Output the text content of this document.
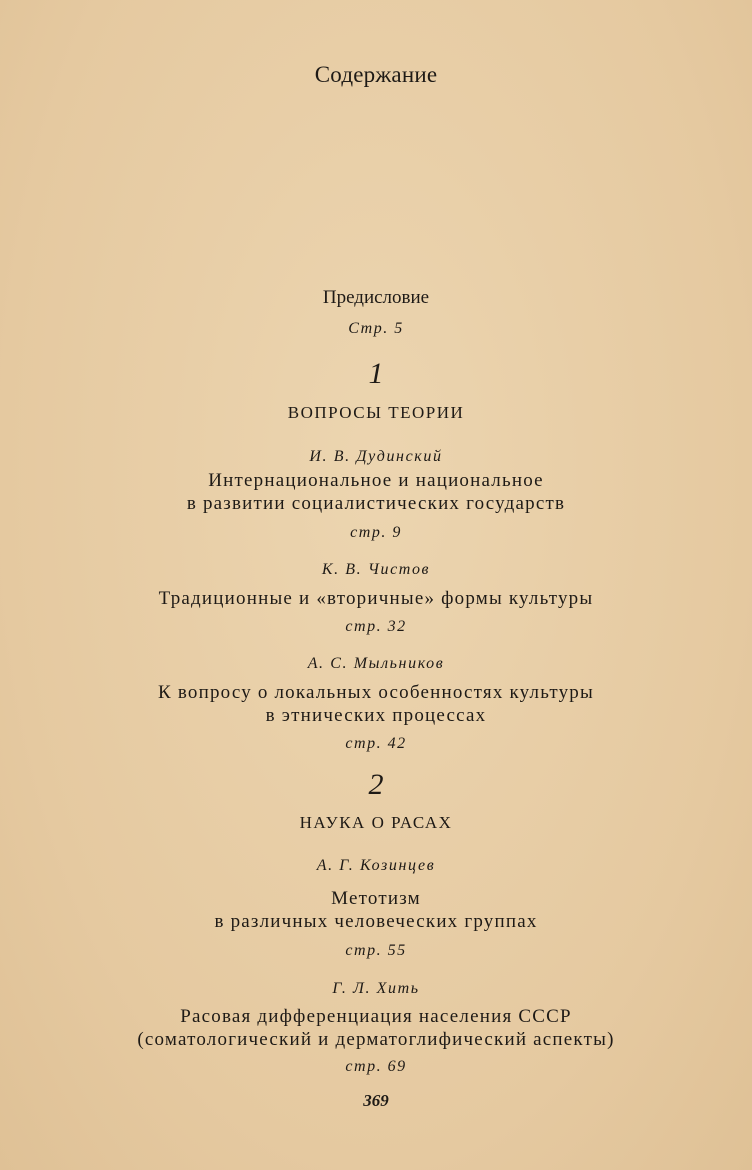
Содержание
Предисловие
Стр. 5
1
ВОПРОСЫ ТЕОРИИ
И. В. Дудинский
Интернациональное и национальное
в развитии социалистических государств
стр. 9
К. В. Чистов
Традиционные и «вторичные» формы культуры
стр. 32
А. С. Мыльников
К вопросу о локальных особенностях культуры
в этнических процессах
стр. 42
2
НАУКА О РАСАХ
А. Г. Козинцев
Метотизм
в различных человеческих группах
стр. 55
Г. Л. Хить
Расовая дифференциация населения СССР
(соматологический и дерматоглифический аспекты)
стр. 69
369
